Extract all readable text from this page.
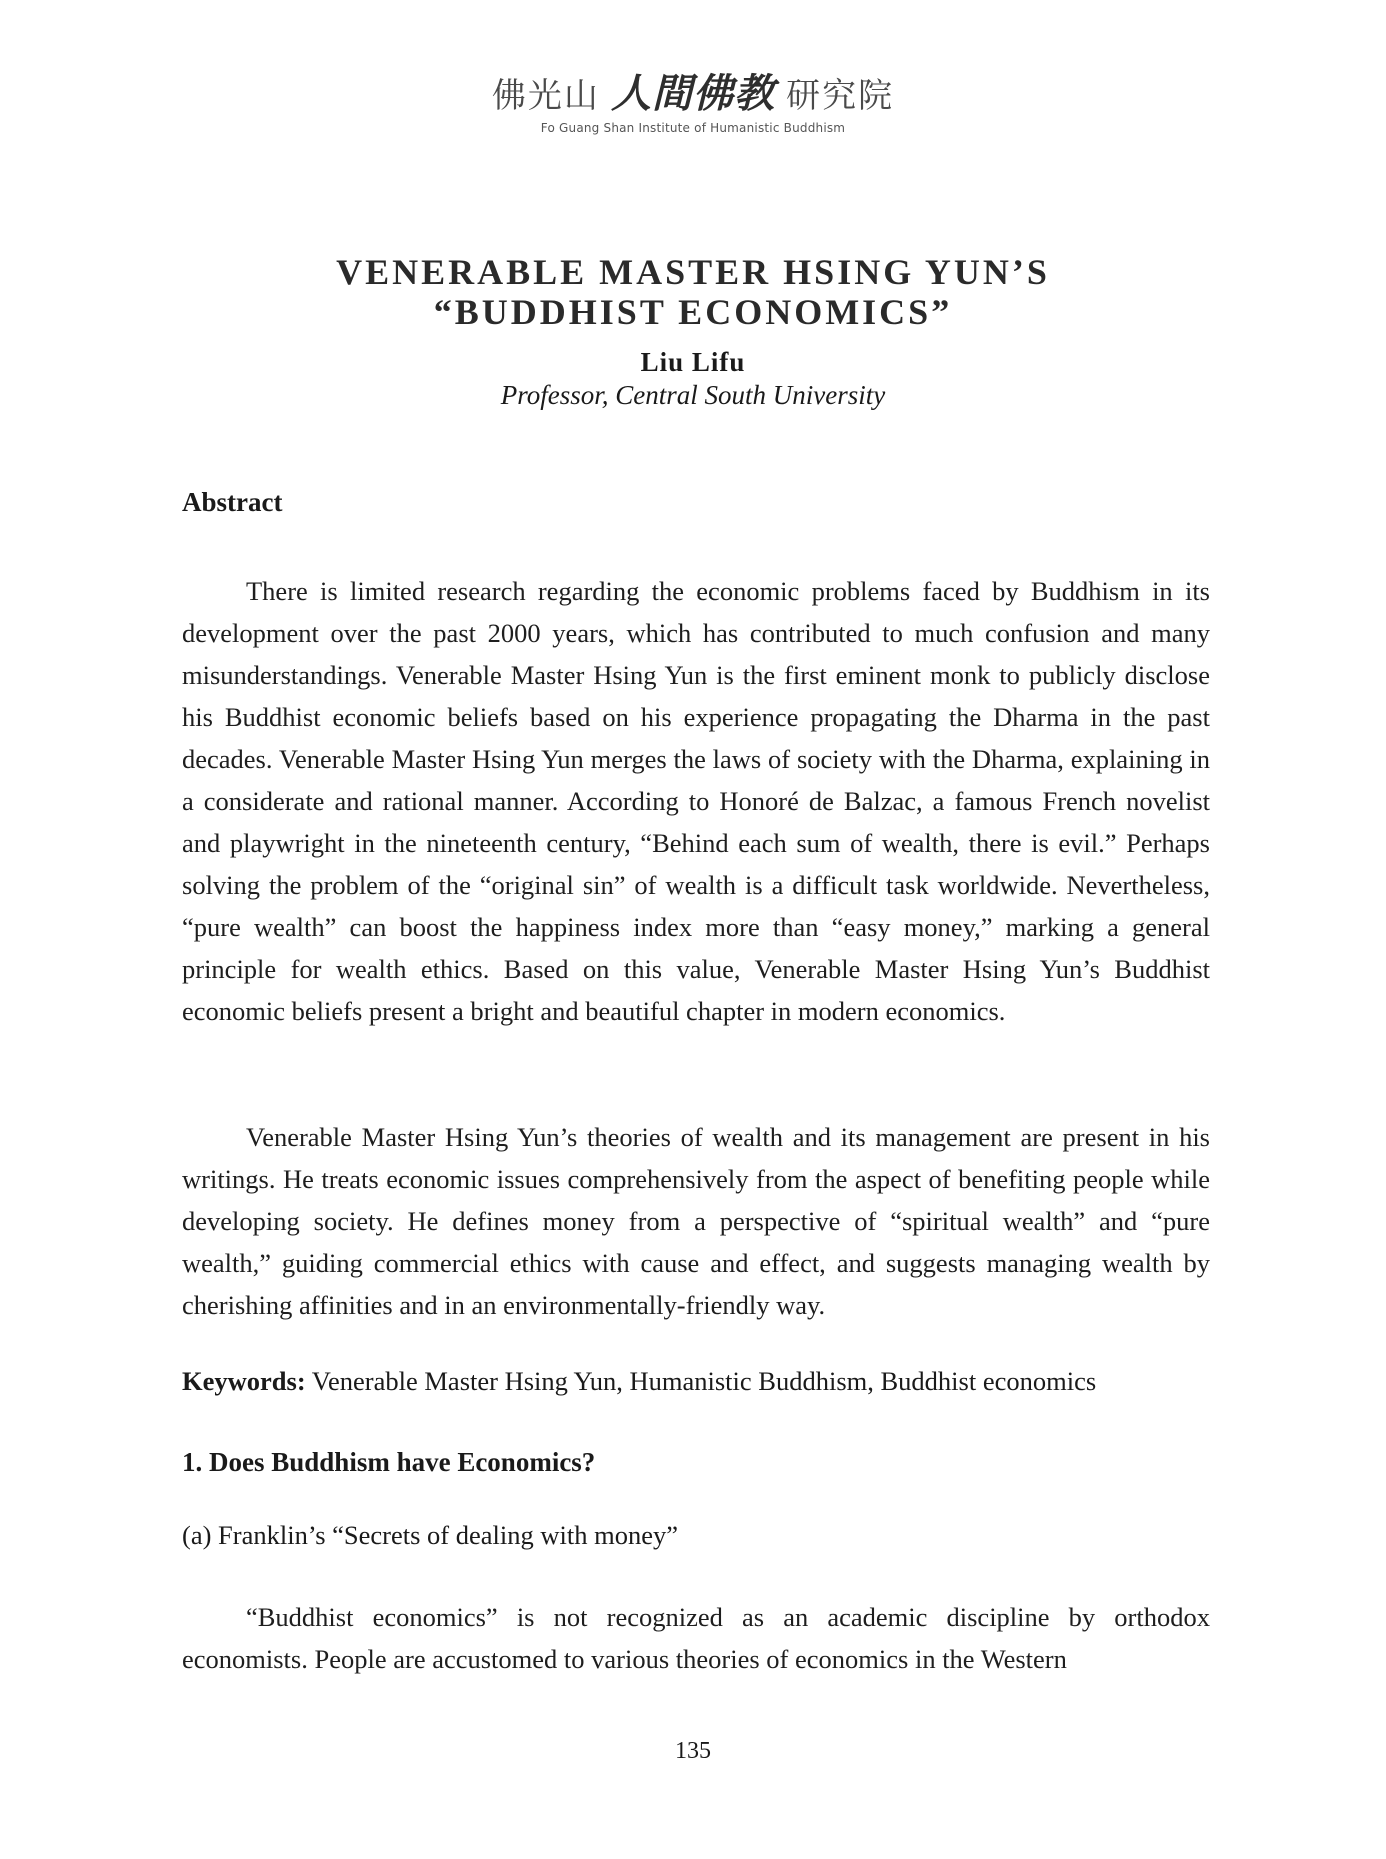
佛光山 人間佛教 研究院
Fo Guang Shan Institute of Humanistic Buddhism
VENERABLE MASTER HSING YUN’S
“BUDDHIST ECONOMICS”
Liu Lifu
Professor, Central South University
Abstract

There is limited research regarding the economic problems faced by Buddhism in its development over the past 2000 years, which has contributed to much confusion and many misunderstandings. Venerable Master Hsing Yun is the first eminent monk to publicly disclose his Buddhist economic beliefs based on his experience propagating the Dharma in the past decades. Venerable Master Hsing Yun merges the laws of society with the Dharma, explaining in a considerate and rational manner. According to Honoré de Balzac, a famous French novelist and playwright in the nineteenth century, “Behind each sum of wealth, there is evil.” Perhaps solving the problem of the “original sin” of wealth is a difficult task worldwide. Nevertheless, “pure wealth” can boost the happiness index more than “easy money,” marking a general principle for wealth ethics. Based on this value, Venerable Master Hsing Yun’s Buddhist economic beliefs present a bright and beautiful chapter in modern economics.

Venerable Master Hsing Yun’s theories of wealth and its management are present in his writings. He treats economic issues comprehensively from the aspect of benefiting people while developing society. He defines money from a perspective of “spiritual wealth” and “pure wealth,” guiding commercial ethics with cause and effect, and suggests managing wealth by cherishing affinities and in an environmentally-friendly way.

Keywords: Venerable Master Hsing Yun, Humanistic Buddhism, Buddhist economics
1. Does Buddhism have Economics?
(a) Franklin’s “Secrets of dealing with money”

“Buddhist economics” is not recognized as an academic discipline by orthodox economists. People are accustomed to various theories of economics in the Western

135
